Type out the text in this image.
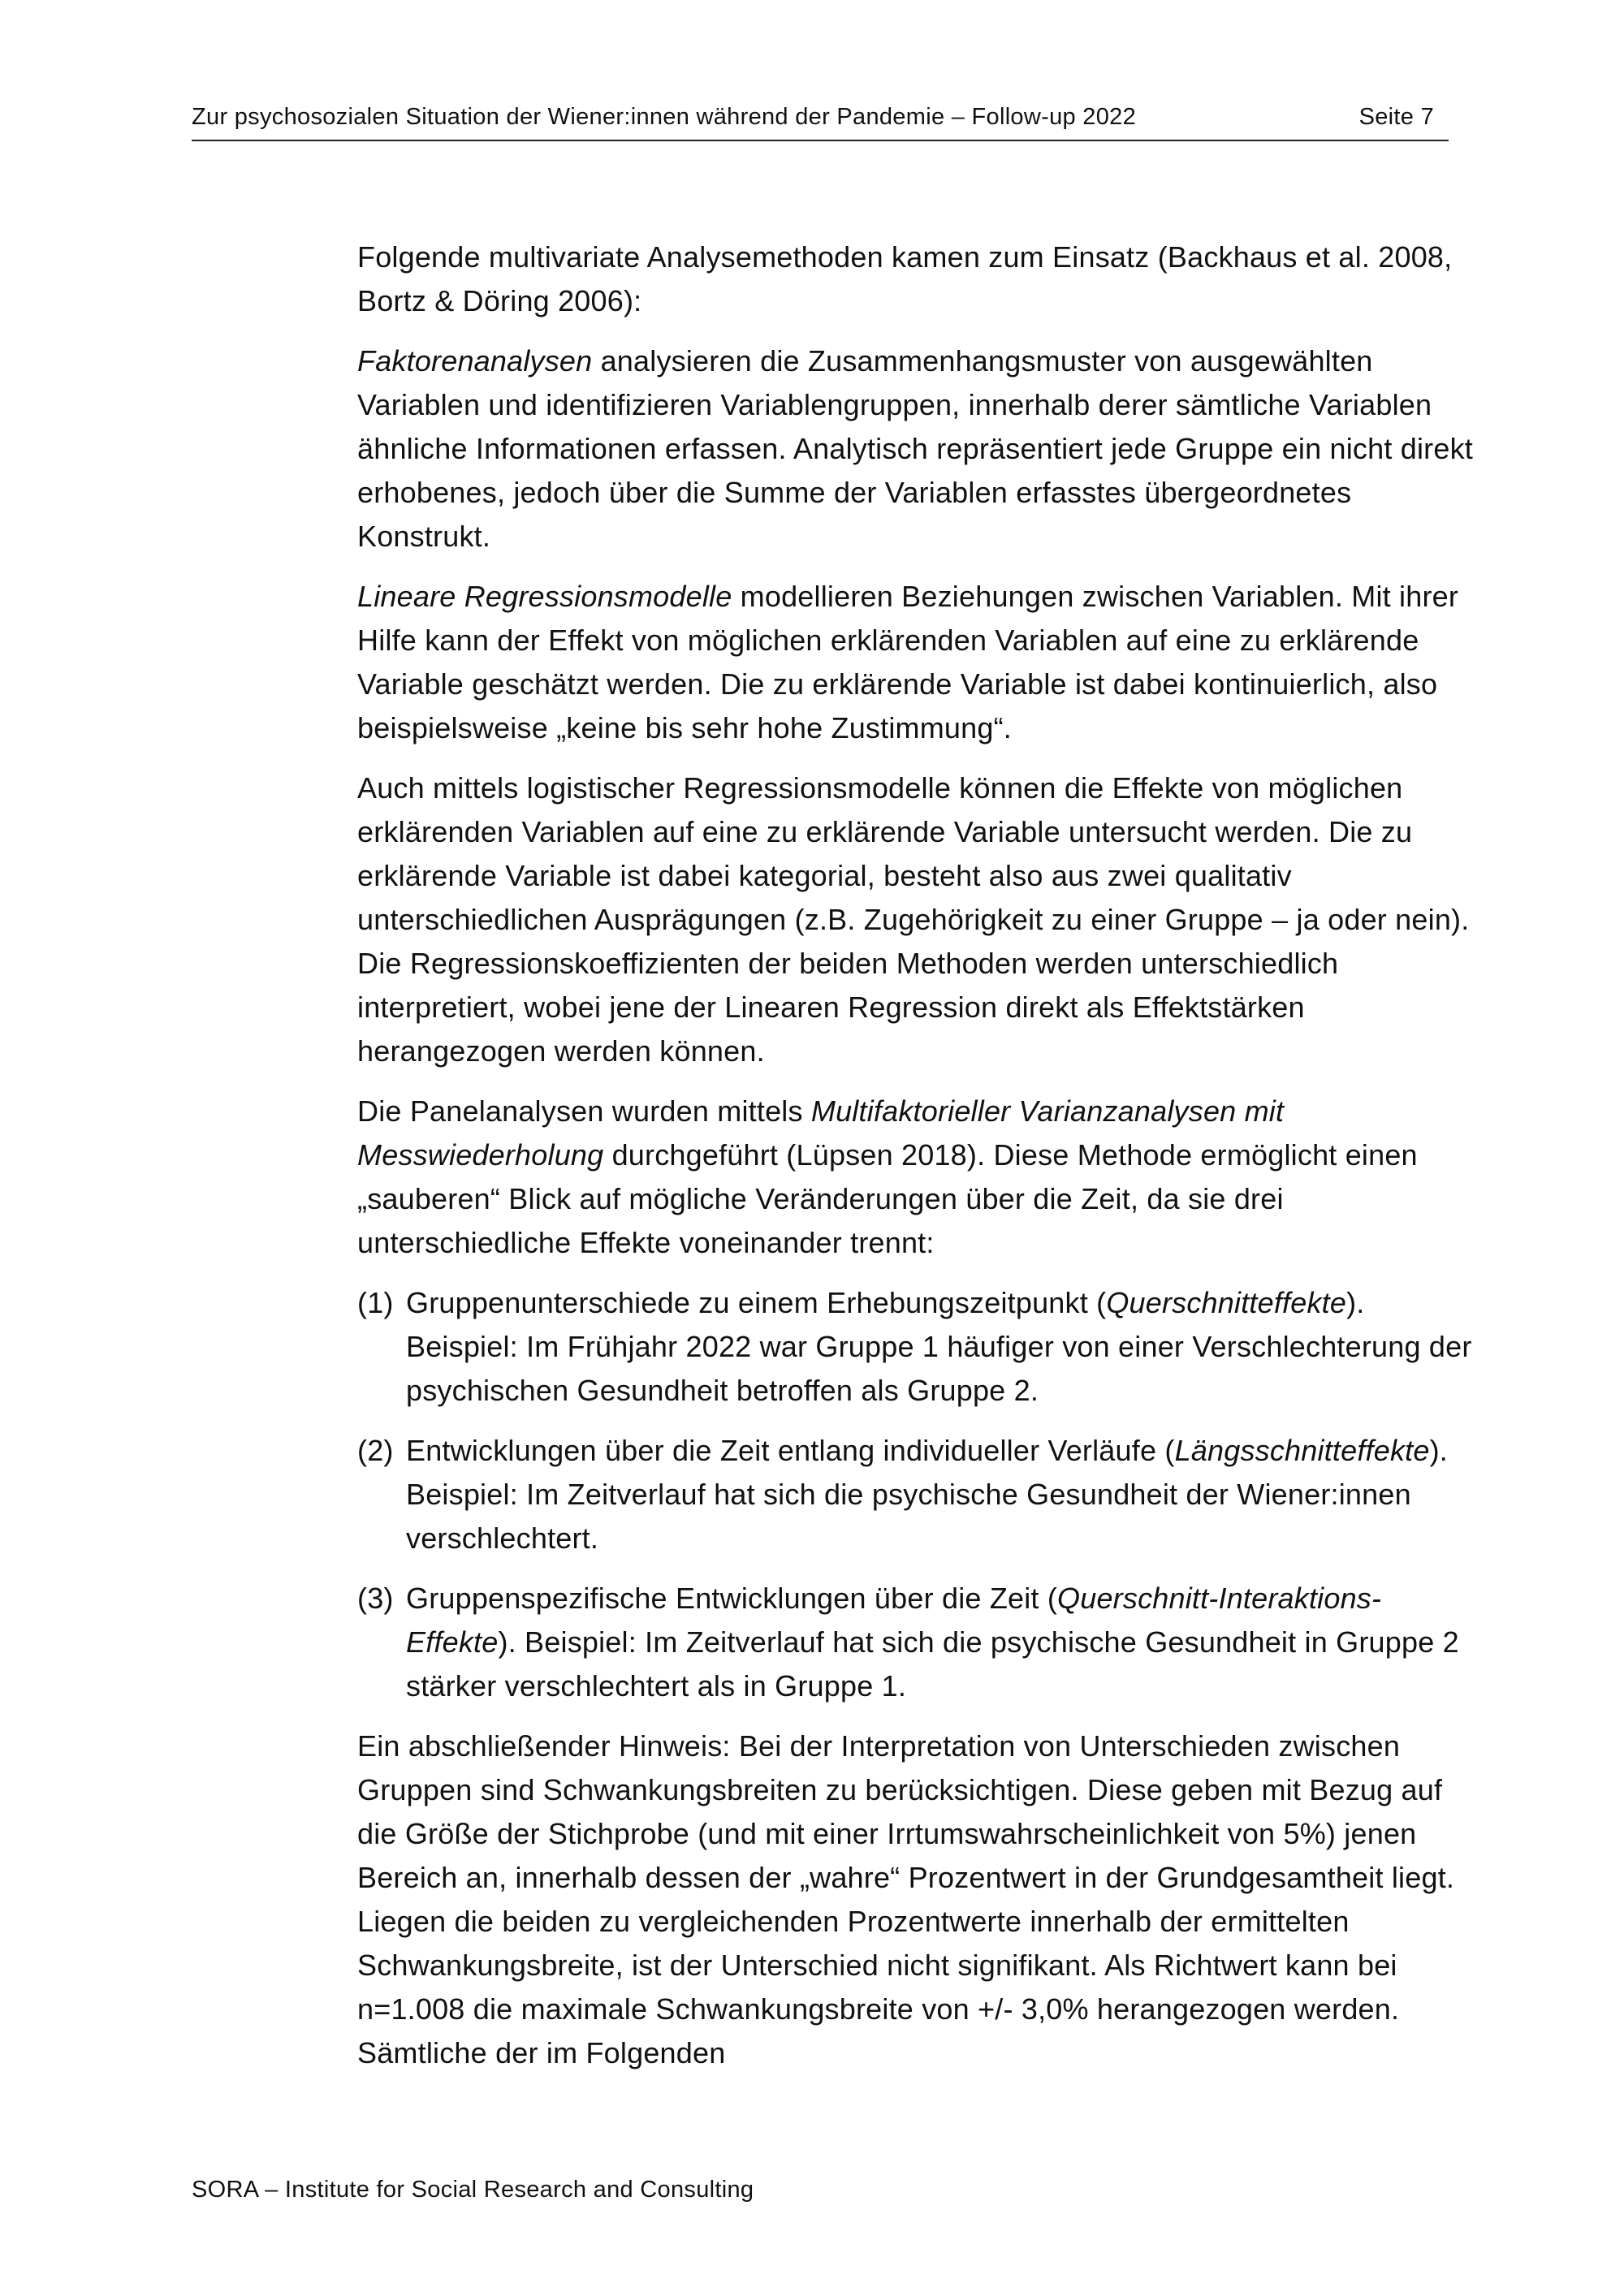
Zur psychosozialen Situation der Wiener:innen während der Pandemie – Follow-up 2022	Seite 7

Folgende multivariate Analysemethoden kamen zum Einsatz (Backhaus et al. 2008, Bortz & Döring 2006):

Faktorenanalysen analysieren die Zusammenhangsmuster von ausgewählten Variablen und identifizieren Variablengruppen, innerhalb derer sämtliche Variablen ähnliche Informationen erfassen. Analytisch repräsentiert jede Gruppe ein nicht direkt erhobenes, jedoch über die Summe der Variablen erfasstes übergeordnetes Konstrukt.

Lineare Regressionsmodelle modellieren Beziehungen zwischen Variablen. Mit ihrer Hilfe kann der Effekt von möglichen erklärenden Variablen auf eine zu erklärende Variable geschätzt werden. Die zu erklärende Variable ist dabei kontinuierlich, also beispielsweise „keine bis sehr hohe Zustimmung“.

Auch mittels logistischer Regressionsmodelle können die Effekte von möglichen erklärenden Variablen auf eine zu erklärende Variable untersucht werden. Die zu erklärende Variable ist dabei kategorial, besteht also aus zwei qualitativ unterschiedlichen Ausprägungen (z.B. Zugehörigkeit zu einer Gruppe – ja oder nein). Die Regressionskoeffizienten der beiden Methoden werden unterschiedlich interpretiert, wobei jene der Linearen Regression direkt als Effektstärken herangezogen werden können.

Die Panelanalysen wurden mittels Multifaktorieller Varianzanalysen mit Messwiederholung durchgeführt (Lüpsen 2018). Diese Methode ermöglicht einen „sauberen“ Blick auf mögliche Veränderungen über die Zeit, da sie drei unterschiedliche Effekte voneinander trennt:

(1) Gruppenunterschiede zu einem Erhebungszeitpunkt (Querschnitteffekte). Beispiel: Im Frühjahr 2022 war Gruppe 1 häufiger von einer Verschlechterung der psychischen Gesundheit betroffen als Gruppe 2.
(2) Entwicklungen über die Zeit entlang individueller Verläufe (Längsschnitteffekte). Beispiel: Im Zeitverlauf hat sich die psychische Gesundheit der Wiener:innen verschlechtert.
(3) Gruppenspezifische Entwicklungen über die Zeit (Querschnitt-Interaktions-Effekte). Beispiel: Im Zeitverlauf hat sich die psychische Gesundheit in Gruppe 2 stärker verschlechtert als in Gruppe 1.

Ein abschließender Hinweis: Bei der Interpretation von Unterschieden zwischen Gruppen sind Schwankungsbreiten zu berücksichtigen. Diese geben mit Bezug auf die Größe der Stichprobe (und mit einer Irrtumswahrscheinlichkeit von 5%) jenen Bereich an, innerhalb dessen der „wahre“ Prozentwert in der Grundgesamtheit liegt. Liegen die beiden zu vergleichenden Prozentwerte innerhalb der ermittelten Schwankungsbreite, ist der Unterschied nicht signifikant. Als Richtwert kann bei n=1.008 die maximale Schwankungsbreite von +/- 3,0% herangezogen werden. Sämtliche der im Folgenden

SORA – Institute for Social Research and Consulting
